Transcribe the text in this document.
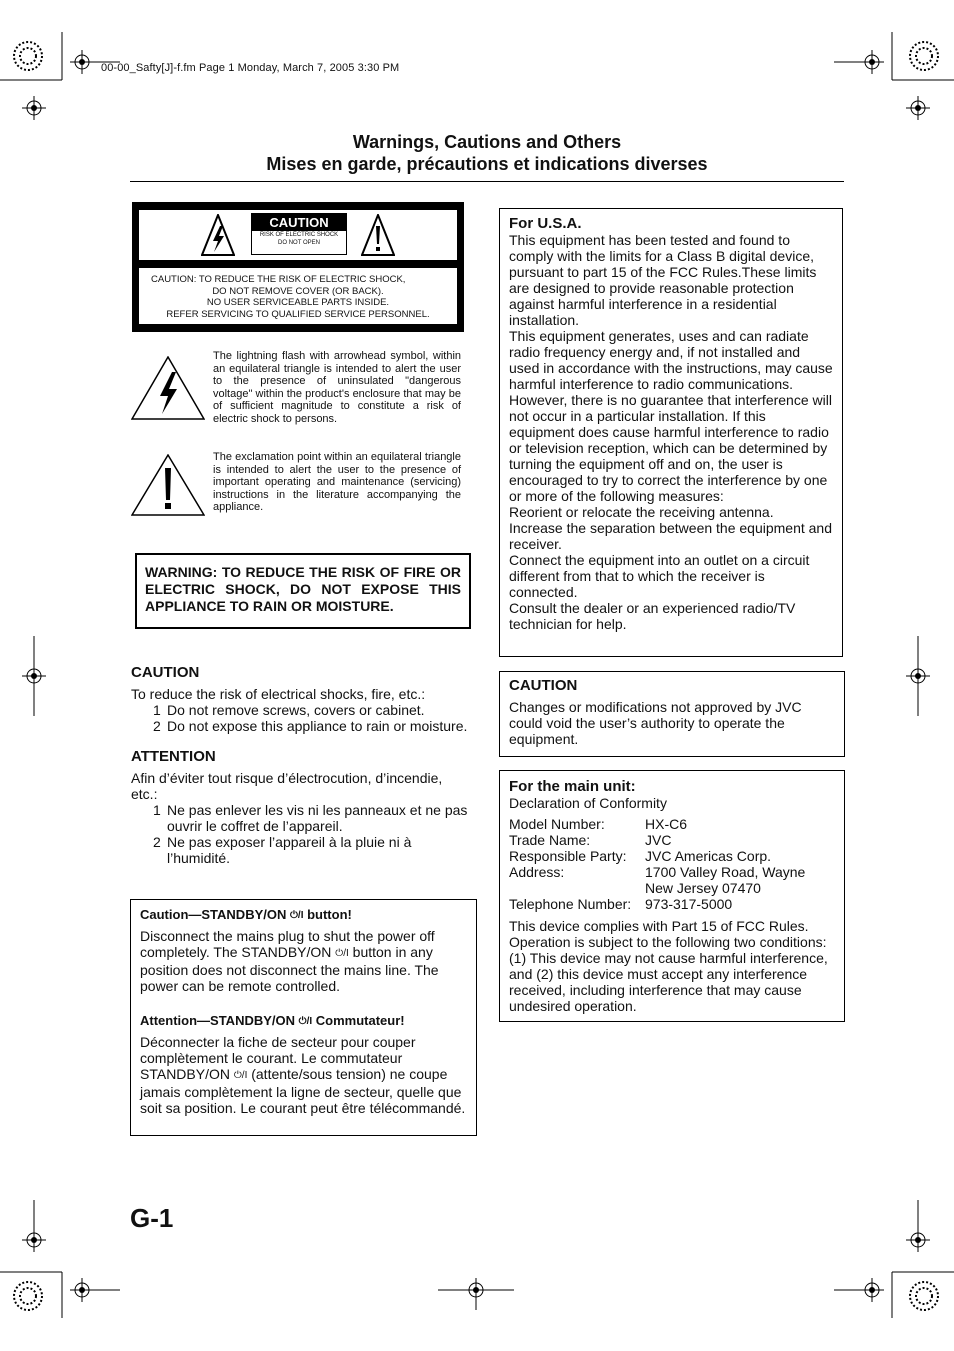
00-00_Safty[J]-f.fm Page 1 Monday, March 7, 2005 3:30 PM
Warnings, Cautions and Others
Mises en garde, précautions et indications diverses
CAUTION
RISK OF ELECTRIC SHOCK
DO NOT OPEN
CAUTION: TO REDUCE THE RISK OF ELECTRIC SHOCK,
DO NOT REMOVE COVER (OR BACK).
NO USER SERVICEABLE PARTS INSIDE.
REFER SERVICING TO QUALIFIED SERVICE PERSONNEL.
The lightning flash with arrowhead symbol, within an equilateral triangle is intended to alert the user to the presence of uninsulated "dangerous voltage" within the product's enclosure that may be of sufficient magnitude to constitute a risk of electric shock to persons.
The exclamation point within an equilateral triangle is intended to alert the user to the presence of important operating and maintenance (servicing) instructions in the literature accompanying the appliance.
WARNING: TO REDUCE THE RISK OF FIRE OR ELECTRIC SHOCK, DO NOT EXPOSE THIS APPLIANCE TO RAIN OR MOISTURE.
CAUTION
To reduce the risk of electrical shocks, fire, etc.:
1 Do not remove screws, covers or cabinet.
2 Do not expose this appliance to rain or moisture.
ATTENTION
Afin d’éviter tout risque d’électrocution, d’incendie, etc.:
1 Ne pas enlever les vis ni les panneaux et ne pas ouvrir le coffret de l’appareil.
2 Ne pas exposer l’appareil à la pluie ni à l’humidité.
Caution—STANDBY/ON ⏻/I button!
Disconnect the mains plug to shut the power off completely. The STANDBY/ON ⏻/I button in any position does not disconnect the mains line. The power can be remote controlled.
Attention—STANDBY/ON ⏻/I Commutateur!
Déconnecter la fiche de secteur pour couper complètement le courant. Le commutateur STANDBY/ON ⏻/I (attente/sous tension) ne coupe jamais complètement la ligne de secteur, quelle que soit sa position. Le courant peut être télécommandé.
For U.S.A.
This equipment has been tested and found to comply with the limits for a Class B digital device, pursuant to part 15 of the FCC Rules.These limits are designed to provide reasonable protection against harmful interference in a residential installation.
This equipment generates, uses and can radiate radio frequency energy and, if not installed and used in accordance with the instructions, may cause harmful interference to radio communications. However, there is no guarantee that interference will not occur in a particular installation. If this equipment does cause harmful interference to radio or television reception, which can be determined by turning the equipment off and on, the user is encouraged to try to correct the interference by one or more of the following measures:
Reorient or relocate the receiving antenna.
Increase the separation between the equipment and receiver.
Connect the equipment into an outlet on a circuit different from that to which the receiver is connected.
Consult the dealer or an experienced radio/TV technician for help.
CAUTION
Changes or modifications not approved by JVC could void the user’s authority to operate the equipment.
For the main unit:
Declaration of Conformity
Model Number:	HX-C6
Trade Name:	JVC
Responsible Party:	JVC Americas Corp.
Address:	1700 Valley Road, Wayne
	New Jersey 07470
Telephone Number:	973-317-5000
This device complies with Part 15 of FCC Rules. Operation is subject to the following two conditions: (1) This device may not cause harmful interference, and (2) this device must accept any interference received, including interference that may cause undesired operation.
G-1
